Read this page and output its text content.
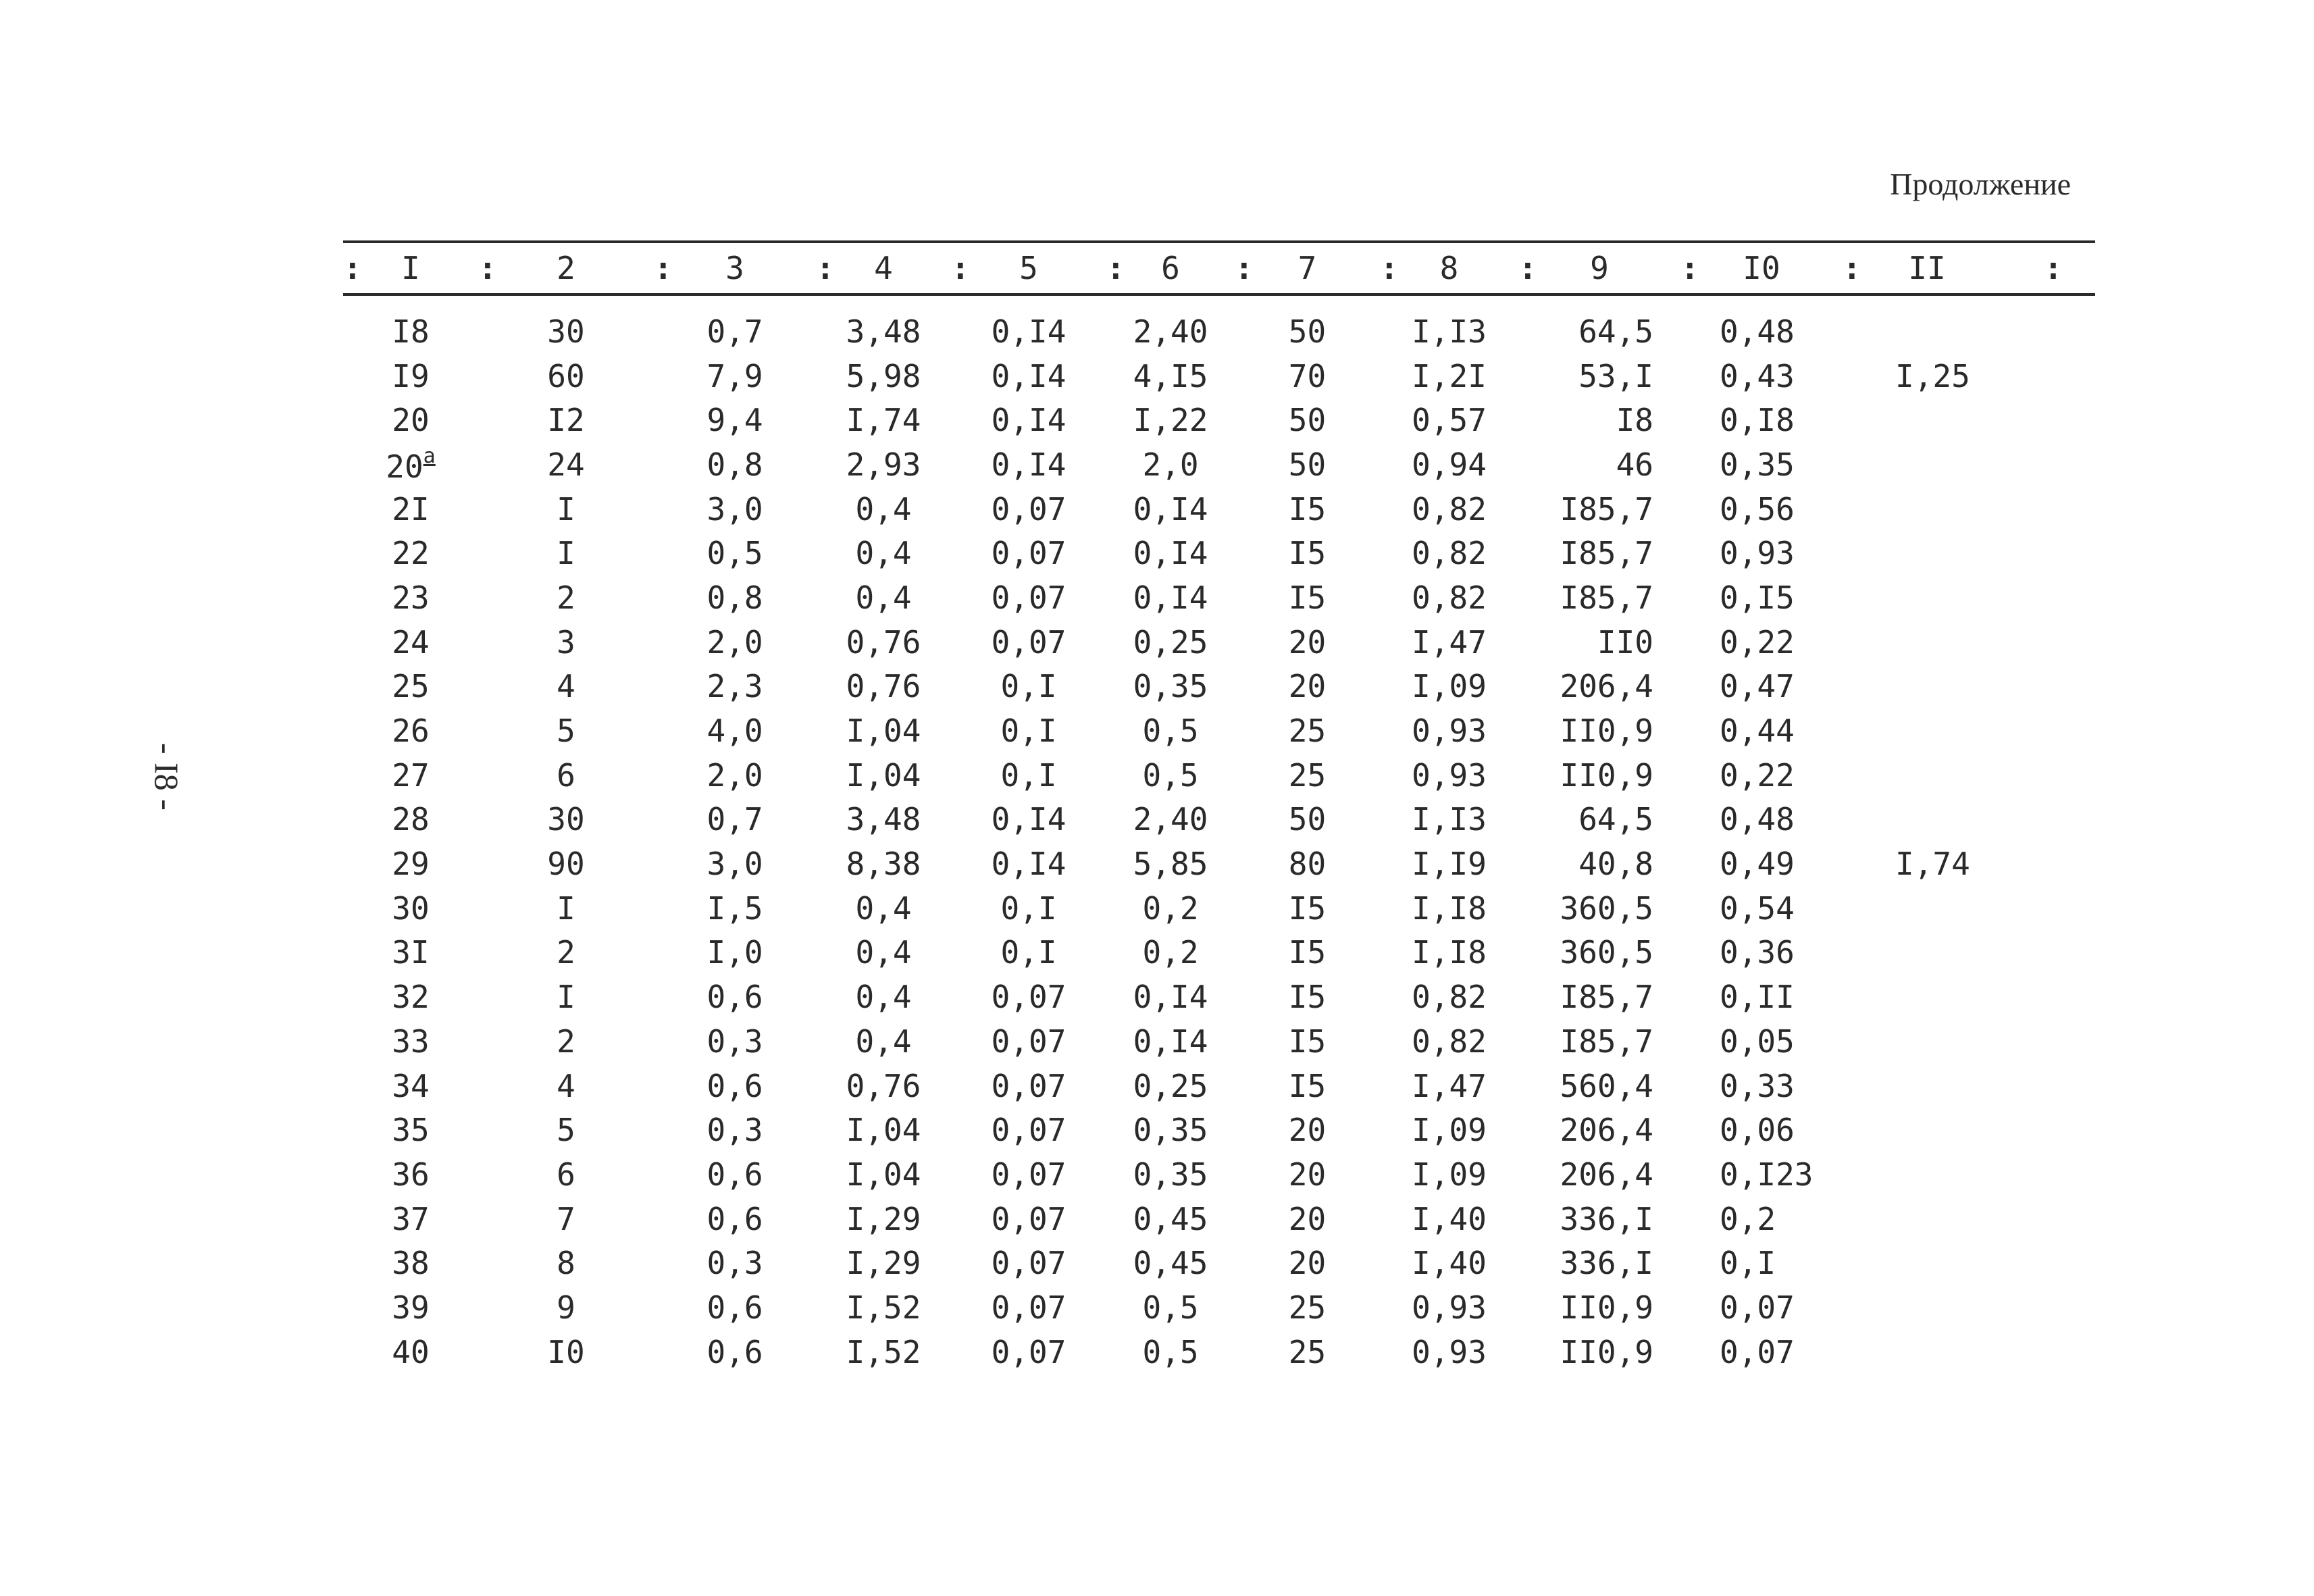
Продолжение
- I8 -
: I	: 2	: 3	: 4	: 5	: 6	: 7	: 8	: 9	: I0	: II	:
I8	30	0,7	3,48	0,I4	2,40	50	I,I3	64,5	0,48
I9	60	7,9	5,98	0,I4	4,I5	70	I,2I	53,I	0,43	I,25
20	I2	9,4	I,74	0,I4	I,22	50	0,57	I8	0,I8
$20^а$	24	0,8	2,93	0,I4	2,0	50	0,94	46	0,35
2I	I	3,0	0,4	0,07	0,I4	I5	0,82	I85,7	0,56
22	I	0,5	0,4	0,07	0,I4	I5	0,82	I85,7	0,93
23	2	0,8	0,4	0,07	0,I4	I5	0,82	I85,7	0,I5
24	3	2,0	0,76	0,07	0,25	20	I,47	II0	0,22
25	4	2,3	0,76	0,I	0,35	20	I,09	206,4	0,47
26	5	4,0	I,04	0,I	0,5	25	0,93	II0,9	0,44
27	6	2,0	I,04	0,I	0,5	25	0,93	II0,9	0,22
28	30	0,7	3,48	0,I4	2,40	50	I,I3	64,5	0,48
29	90	3,0	8,38	0,I4	5,85	80	I,I9	40,8	0,49	I,74
30	I	I,5	0,4	0,I	0,2	I5	I,I8	360,5	0,54
3I	2	I,0	0,4	0,I	0,2	I5	I,I8	360,5	0,36
32	I	0,6	0,4	0,07	0,I4	I5	0,82	I85,7	0,II
33	2	0,3	0,4	0,07	0,I4	I5	0,82	I85,7	0,05
34	4	0,6	0,76	0,07	0,25	I5	I,47	560,4	0,33
35	5	0,3	I,04	0,07	0,35	20	I,09	206,4	0,06
36	6	0,6	I,04	0,07	0,35	20	I,09	206,4	0,I23
37	7	0,6	I,29	0,07	0,45	20	I,40	336,I	0,2
38	8	0,3	I,29	0,07	0,45	20	I,40	336,I	0,I
39	9	0,6	I,52	0,07	0,5	25	0,93	II0,9	0,07
40	I0	0,6	I,52	0,07	0,5	25	0,93	II0,9	0,07
